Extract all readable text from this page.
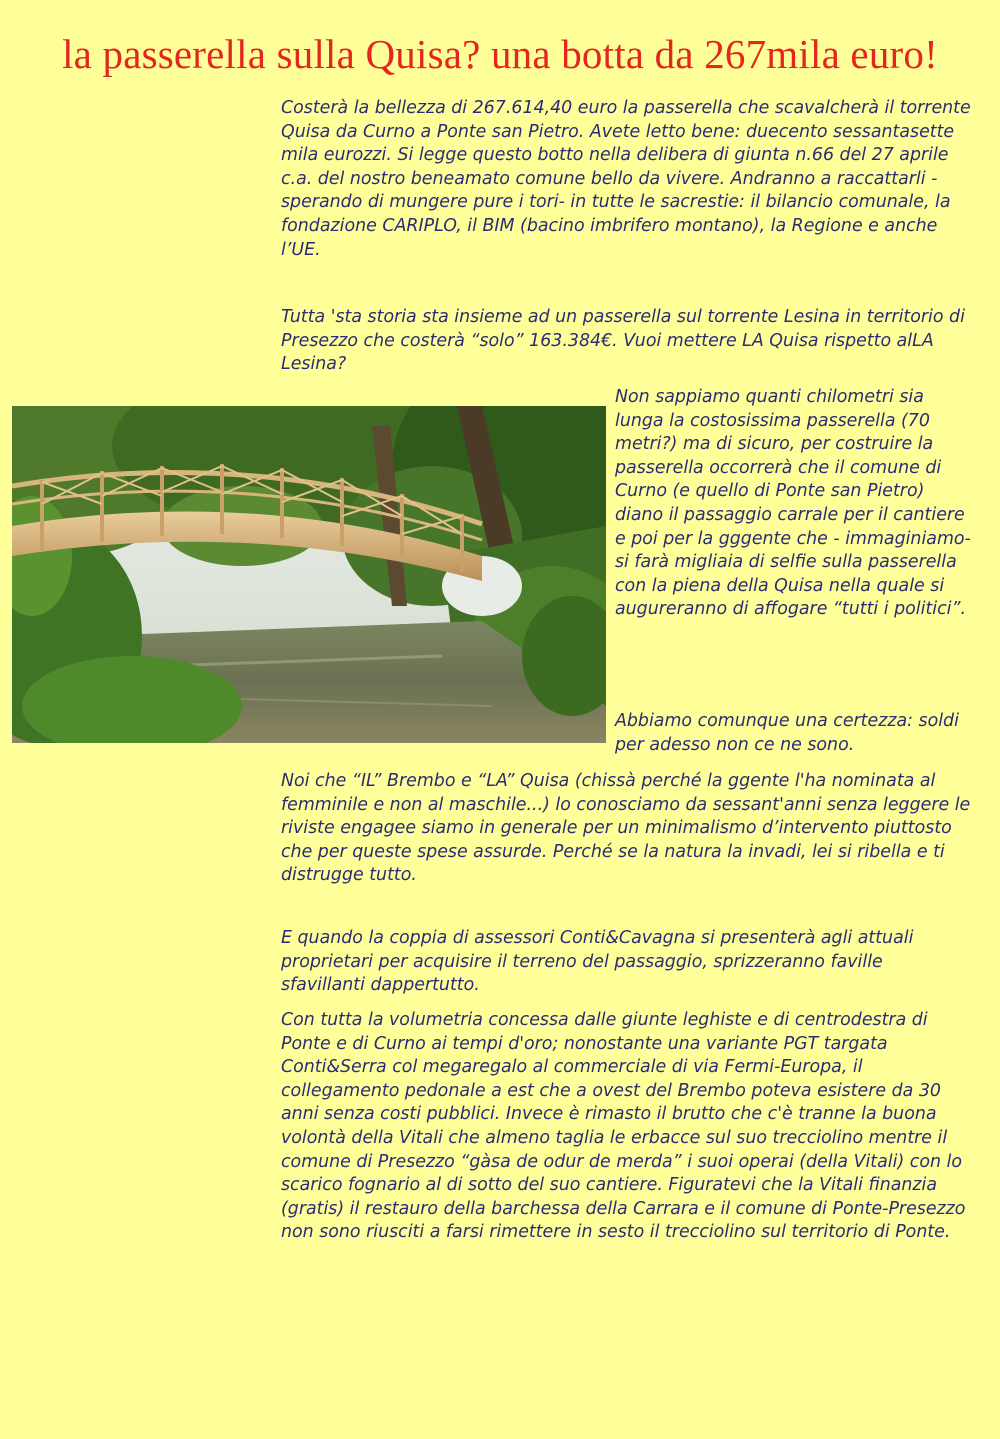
la passerella sulla Quisa? una botta da 267mila euro!

Costerà la bellezza di 267.614,40 euro la passerella che scavalcherà il torrente Quisa da Curno a Ponte san Pietro. Avete letto bene: duecento sessantasette mila eurozzi. Si legge questo botto nella delibera di giunta n.66 del 27 aprile c.a. del nostro beneamato comune bello da vivere. Andranno a raccattarli - sperando di mungere pure i tori- in tutte le sacrestie: il bilancio comunale, la fondazione CARIPLO, il BIM (bacino imbrifero montano), la Regione e anche l’UE.

Tutta 'sta storia sta insieme ad un passerella sul torrente Lesina in territorio di Presezzo che costerà “solo” 163.384€. Vuoi mettere LA Quisa rispetto alLA Lesina?

Non sappiamo quanti chilometri sia lunga la costosissima passerella (70 metri?) ma di sicuro, per costruire la passerella occorrerà che il comune di Curno (e quello di Ponte san Pietro) diano il passaggio carrale per il cantiere e poi per la gggente che - immaginiamo- si farà migliaia di selfie sulla passerella con la piena della Quisa nella quale si augureranno di affogare “tutti i politici”.

Abbiamo comunque una certezza: soldi per adesso non ce ne sono.

Noi che “IL” Brembo e “LA” Quisa (chissà perché la ggente l'ha nominata al femminile e non al maschile...) lo conosciamo da sessant'anni senza leggere le riviste engagee siamo in generale per un minimalismo d’intervento piuttosto che per queste spese assurde. Perché se la natura la invadi, lei si ribella e ti distrugge tutto.

E quando la coppia di assessori Conti&Cavagna si presenterà agli attuali proprietari per acquisire il terreno del passaggio, sprizzeranno faville sfavillanti dappertutto.

Con tutta la volumetria concessa dalle giunte leghiste e di centrodestra di Ponte e di Curno ai tempi d'oro; nonostante una variante PGT targata Conti&Serra col megaregalo al commerciale di via Fermi-Europa, il collegamento pedonale a est che a ovest del Brembo poteva esistere da 30 anni senza costi pubblici. Invece è rimasto il brutto che c'è tranne la buona volontà della Vitali che almeno taglia le erbacce sul suo trecciolino mentre il comune di Presezzo “gàsa de odur de merda” i suoi operai (della Vitali) con lo scarico fognario al di sotto del suo cantiere. Figuratevi che la Vitali finanzia (gratis) il restauro della barchessa della Carrara e il comune di Ponte-Presezzo non sono riusciti a farsi rimettere in sesto il trecciolino sul territorio di Ponte.
